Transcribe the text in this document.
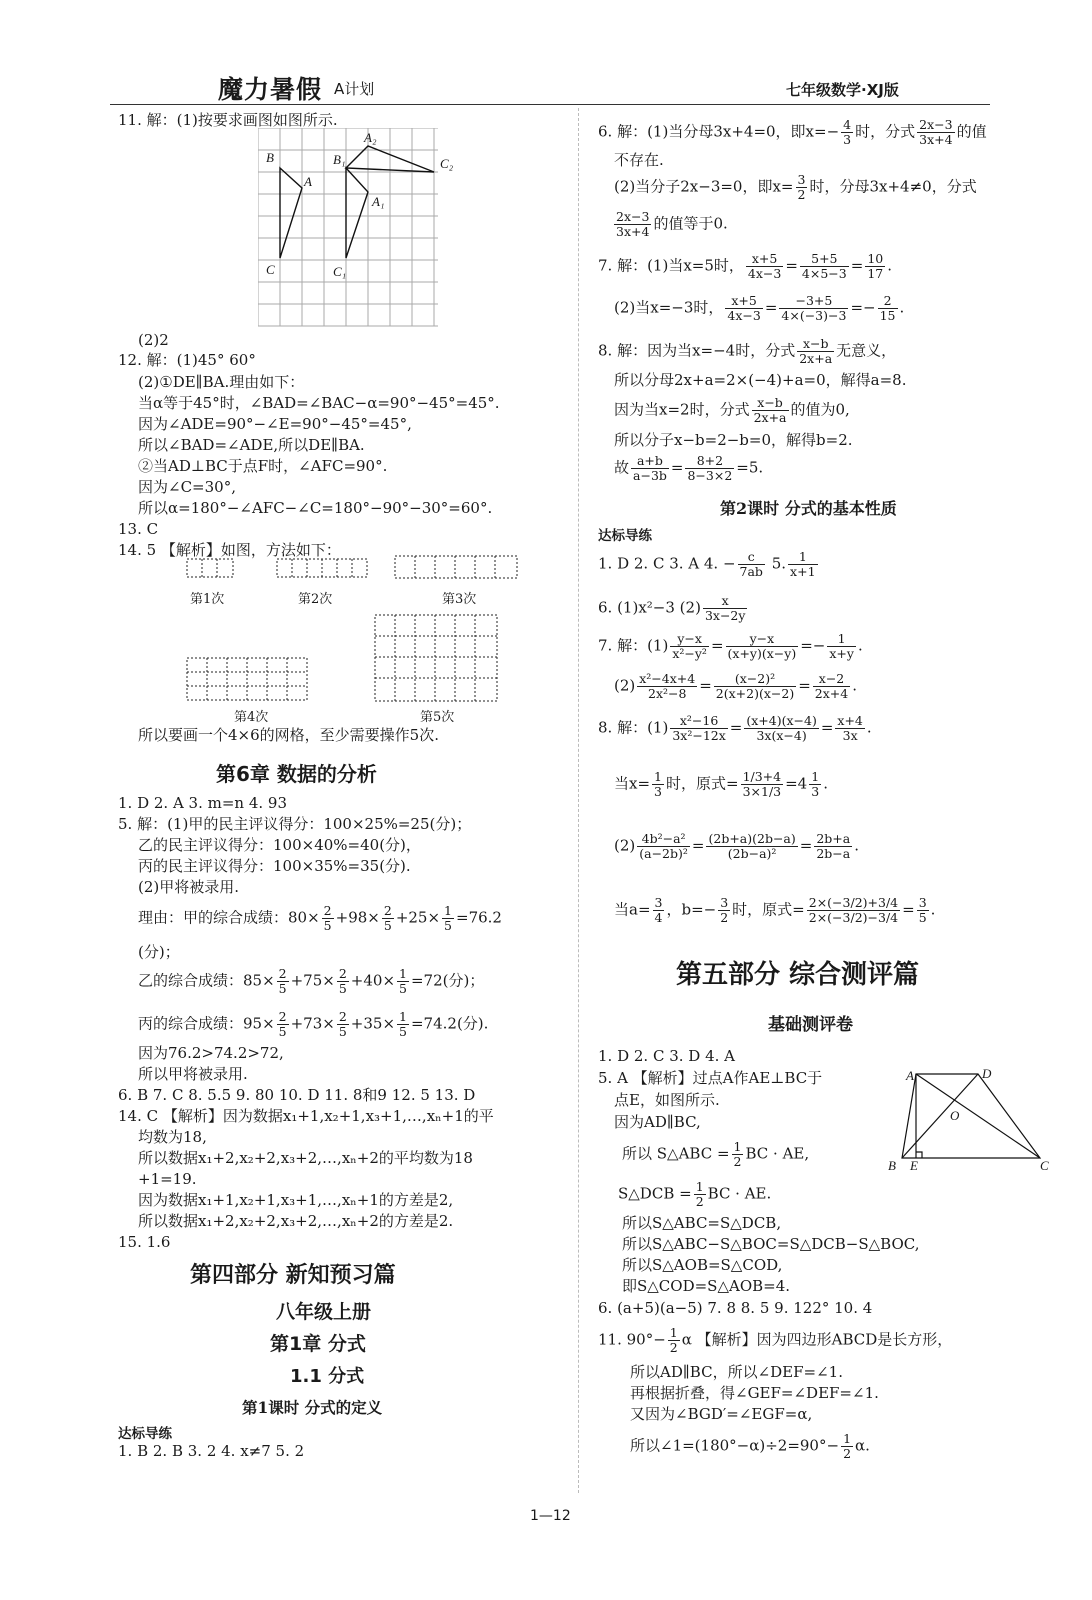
魔力暑假 A计划	七年级数学·XJ版
11. 解：(1)按要求画图如图所示.
B
A
C
A₂
B₁	C₂
A₁
C₁
(2)2
12. 解：(1)45° 60°
(2)①DE∥BA.理由如下：
当α等于45°时，∠BAD=∠BAC−α=90°−45°=45°.
因为∠ADE=90°−∠E=90°−45°=45°,
所以∠BAD=∠ADE,所以DE∥BA.
②当AD⊥BC于点F时，∠AFC=90°.
因为∠C=30°,
所以α=180°−∠AFC−∠C=180°−90°−30°=60°.
13. C
14. 5 【解析】如图，方法如下：
第1次	第2次	第3次
第4次	第5次
所以要画一个4×6的网格，至少需要操作5次.
第6章 数据的分析
1. D 2. A 3. m=n 4. 93
5. 解：(1)甲的民主评议得分：100×25%=25(分)；
乙的民主评议得分：100×40%=40(分)，
丙的民主评议得分：100×35%=35(分).
(2)甲将被录用.
理由：甲的综合成绩：$80\times \frac{2}{5} +98\times \frac{2}{5} +25\times \frac{1}{5} =76.2$
(分)；
乙的综合成绩：$85\times \frac{2}{5} +75\times \frac{2}{5} +40\times \frac{1}{5} =72$(分)；
丙的综合成绩：$95\times \frac{2}{5} +73\times \frac{2}{5} +35\times \frac{1}{5} =74.2$(分).
因为76.2>74.2>72,
所以甲将被录用.
6. B 7. C 8. 5.5 9. 80 10. D 11. 8和9 12. 5 13. D
14. C 【解析】因为数据x₁+1,x₂+1,x₃+1,…,xₙ+1的平
均数为18,
所以数据x₁+2,x₂+2,x₃+2,…,xₙ+2的平均数为18
+1=19.
因为数据x₁+1,x₂+1,x₃+1,…,xₙ+1的方差是2,
所以数据x₁+2,x₂+2,x₃+2,…,xₙ+2的方差是2.
15. 1.6
第四部分 新知预习篇
八年级上册
第1章 分式
1.1 分式
第1课时 分式的定义
达标导练
1. B 2. B 3. 2 4. x≠7 5. 2
6. 解：(1)当分母3x+4=0，即$x=- \frac{4}{3}$ 时，分式 $\frac{2x-3}{3x+4}$ 的值
不存在.
(2)当分子2x−3=0，即$x= \frac{3}{2}$ 时，分母3x+4≠0，分式
$\frac{2x-3}{3x+4}$ 的值等于0.
7. 解：(1)当x=5时， $\frac{x+5}{4x-3} = \frac{5+5}{4\times 5-3} = \frac{10}{17}$ .
(2)当x=−3时， $\frac{x+5}{4x-3} = \frac{-3+5}{4\times(-3)-3} =- \frac{2}{15}$ .
8. 解：因为当x=−4时，分式 $\frac{x-b}{2x+a}$ 无意义，
所以分母2x+a=2×(−4)+a=0，解得a=8.
因为当x=2时，分式 $\frac{x-b}{2x+a}$ 的值为0,
所以分子x−b=2−b=0，解得b=2.
故 $\frac{a+b}{a-3b} = \frac{8+2}{8-3\times 2} =5$.
第2课时 分式的基本性质
达标导练
1. D 2. C 3. A 4. − $\frac{c}{7ab} 5$. $\frac{1}{x+1}$
6. (1)x²−3 $(2) \frac{x}{3x-2y}$
7. 解：$(1) \frac{y-x}{\text{x²−y²}} = \frac{y-x}{(x+y)(x-y)} =- \frac{1}{x+y}$ .
$(2) \frac{\text{x²−4x+4}}{\text{2x²−8}} = \frac{\text{(x−2)²}}{2(x+2)(x-2)} = \frac{x-2}{2x+4}$ .
8. 解：$(1) \frac{\text{x²−16}}{\text{3x²−12x}} = \frac{(x+4)(x-4)}{3x(x-4)} = \frac{x+4}{3x}$ .
当$x= \frac{1}{3}$ 时，原式= $\frac{1/3+4}{3\times 1/3} =4 \frac{1}{3}$ .
$(2) \frac{\text{4b²−a²}}{\text{(a−2b)²}} = \frac{(2b+a)(2b-a)}{\text{(2b−a)²}} = \frac{2b+a}{2b-a}$ .
当$a= \frac{3}{4}$ ，$b=- \frac{3}{2}$ 时，原式= $\frac{2\times(-3/2)+3/4}{2\times(-3/2)-3/4} = \frac{3}{5}$ .
第五部分 综合测评篇
基础测评卷
1. D 2. C 3. D 4. A
5. A 【解析】过点A作AE⊥BC于
点E，如图所示.
因为AD∥BC,
A	D
O
B E	C
所以 S△ABC = $\frac{1}{2}$ BC · AE,
S△DCB = $\frac{1}{2}$ BC · AE.
所以S△ABC=S△DCB,
所以S△ABC−S△BOC=S△DCB−S△BOC,
所以S△AOB=S△COD,
即S△COD=S△AOB=4.
6. (a+5)(a−5) 7. 8 8. 5 9. 122° 10. 4
11. $90^\circ- \frac{1}{2}$ α 【解析】因为四边形ABCD是长方形，
所以AD∥BC，所以∠DEF=∠1.
再根据折叠，得∠GEF=∠DEF=∠1.
又因为∠BGD′=∠EGF=α,
所以∠1=(180°−α)÷2=90°− $\frac{1}{2} \alpha$.
1—12
